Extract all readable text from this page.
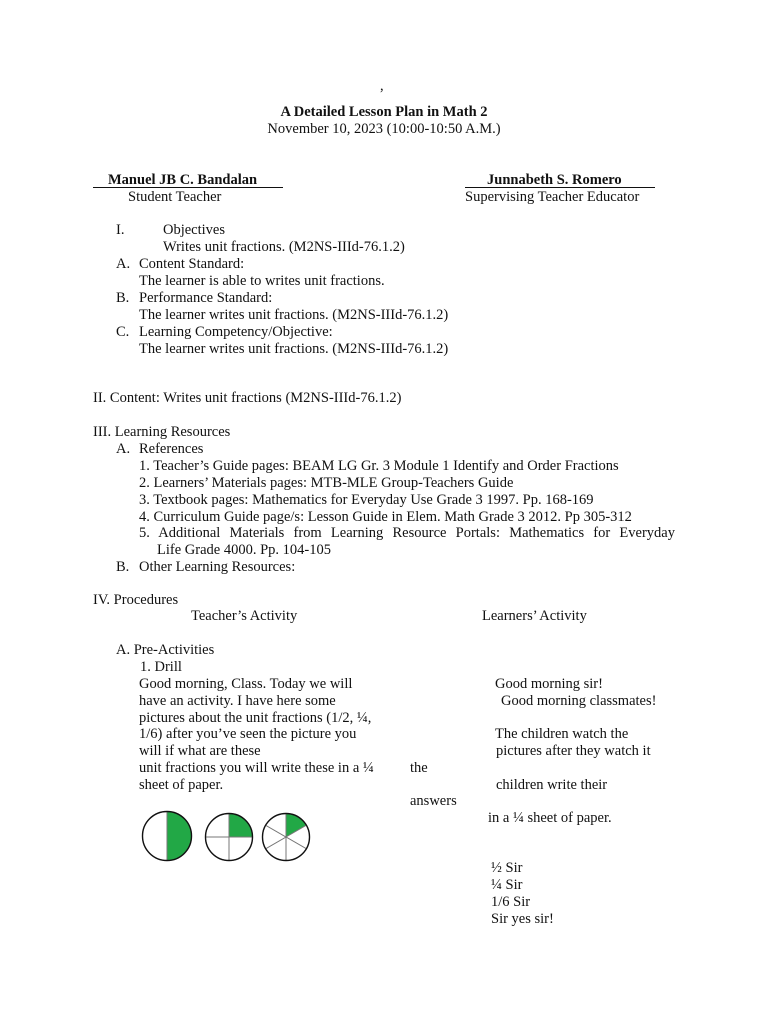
,
A Detailed Lesson Plan in Math 2
November 10, 2023 (10:00-10:50 A.M.)
Manuel JB C. Bandalan
Student Teacher
Junnabeth S. Romero
Supervising Teacher Educator
I.	Objectives
Writes unit fractions. (M2NS-IIId-76.1.2)
A. Content Standard:
The learner is able to writes unit fractions.
B. Performance Standard:
The learner writes unit fractions. (M2NS-IIId-76.1.2)
C. Learning Competency/Objective:
The learner writes unit fractions. (M2NS-IIId-76.1.2)
II. Content: Writes unit fractions (M2NS-IIId-76.1.2)
III. Learning Resources
A. References
1. Teacher’s Guide pages: BEAM LG Gr. 3 Module 1 Identify and Order Fractions
2. Learners’ Materials pages: MTB-MLE Group-Teachers Guide
3. Textbook pages: Mathematics for Everyday Use Grade 3 1997. Pp. 168-169
4. Curriculum Guide page/s: Lesson Guide in Elem. Math Grade 3 2012. Pp 305-312
5. Additional Materials from Learning Resource Portals: Mathematics for Everyday
Life Grade 4000. Pp. 104-105
B. Other Learning Resources:
IV. Procedures
Teacher’s Activity	Learners’ Activity
A. Pre-Activities
1. Drill
Good morning, Class. Today we will
have an activity. I have here some
pictures about the unit fractions (1/2, ¼,
1/6) after you’ve seen the picture you
will if what are these
unit fractions you will write these in a ¼
sheet of paper.
the
answers
Good morning sir!
Good morning classmates!
The children watch the
pictures after they watch it
children write their
in a ¼ sheet of paper.
½ Sir
¼ Sir
1/6 Sir
Sir yes sir!
